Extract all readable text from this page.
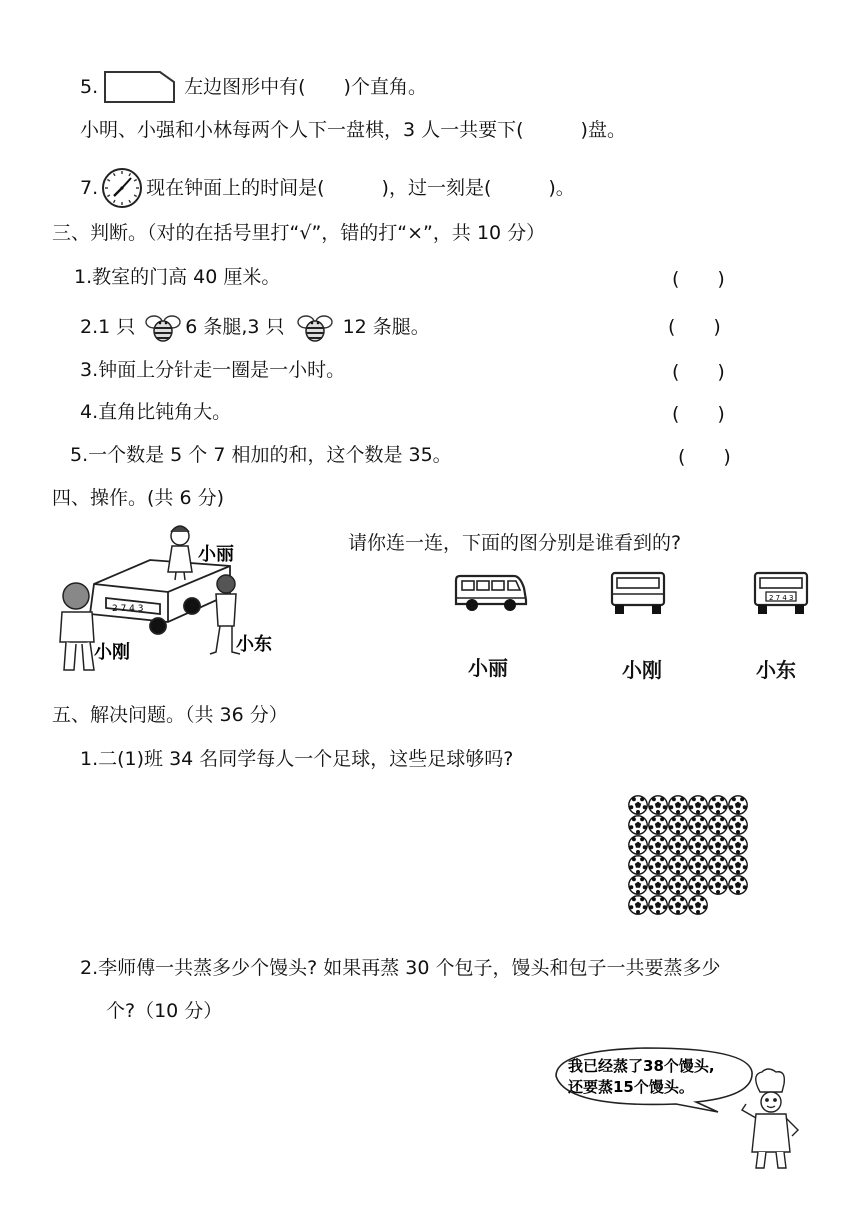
5.	左边图形中有(　　)个直角。
小明、小强和小林每两个人下一盘棋，3 人一共要下(　　　)盘。
7.	现在钟面上的时间是(　　　)，过一刻是(　　　)。
三、判断。（对的在括号里打“√”，错的打“×”，共 10 分）
1.教室的门高 40 厘米。	(　　)
2.1 只	6 条腿,3 只	12 条腿。	(　　)
3.钟面上分针走一圈是一小时。	(　　)
4.直角比钝角大。	(　　)
5.一个数是 5 个 7 相加的和，这个数是 35。	(　　)
四、操作。(共 6 分)
2 7 4 3
小丽
小刚	小东
请你连一连，下面的图分别是谁看到的?
2 7 4 3
小丽	小刚	小东
五、解决问题。（共 36 分）
1.二(1)班 34 名同学每人一个足球，这些足球够吗?
2.李师傅一共蒸多少个馒头? 如果再蒸 30 个包子，馒头和包子一共要蒸多少
个?（10 分）
我已经蒸了38个馒头,
还要蒸15个馒头。
